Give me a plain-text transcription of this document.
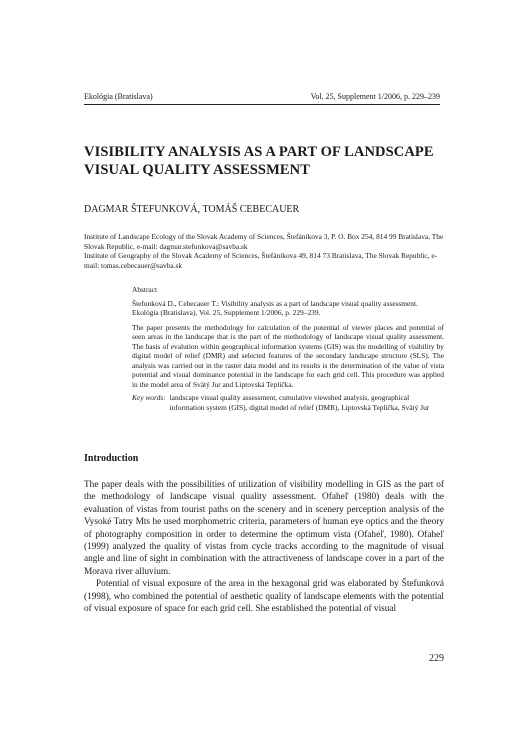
Ekológia (Bratislava)	Vol. 25, Supplement 1/2006, p. 229–239
VISIBILITY ANALYSIS AS A PART OF LANDSCAPE VISUAL QUALITY ASSESSMENT
DAGMAR ŠTEFUNKOVÁ, TOMÁŠ CEBECAUER
Institute of Landscape Ecology of the Slovak Academy of Sciences, Štefánikova 3, P. O. Box 254, 814 99 Bratislava, The Slovak Republic, e-mail: dagmar.stefunkova@savba.sk
Institute of Geography of the Slovak Academy of Sciences, Štefánikova 49, 814 73 Bratislava, The Slovak Republic, e-mail: tomas.cebecauer@savba.sk
Abstract
Štefunková D., Cebecauer T.: Visibility analysis as a part of landscape visual quality assessment. Ekológia (Bratislava), Vol. 25, Supplement 1/2006, p. 229–239.

The paper presents the methodology for calculation of the potential of viewer places and potential of seen areas in the landscape that is the part of the methodology of landscape visual quality assessment. The basis of evalution within geographical information systems (GIS) was the modelling of visibility by digital model of relief (DMR) and selected features of the secondary landscape structure (SLS). The analysis was carried out in the raster data model and its results is the determination of the value of vista potential and visual dominance potential in the landscape for each grid cell. This procedure was applied in the model area of Svätý Jur and Liptovská Teplička.

Key words: landscape visual quality assessment, cumulative viewshed analysis, geographical information system (GIS), digital model of relief (DMR), Liptovská Teplička, Svätý Jur
Introduction

The paper deals with the possibilities of utilization of visibility modelling in GIS as the part of the methodology of landscape visual quality assessment. Ofaheľ (1980) deals with the evaluation of vistas from tourist paths on the scenery and in scenery perception analysis of the Vysoké Tatry Mts he used morphometric criteria, parameters of human eye optics and the theory of photography composition in order to determine the optimum vista (Ofaheľ, 1980). Ofaheľ (1999) analyzed the quality of vistas from cycle tracks according to the magnitude of visual angle and line of sight in combination with the attractiveness of landscape cover in a part of the Morava river alluvium.

Potential of visual exposure of the area in the hexagonal grid was elaborated by Štefunková (1998), who combined the potential of aesthetic quality of landscape elements with the potential of visual exposure of space for each grid cell. She established the potential of visual

229
